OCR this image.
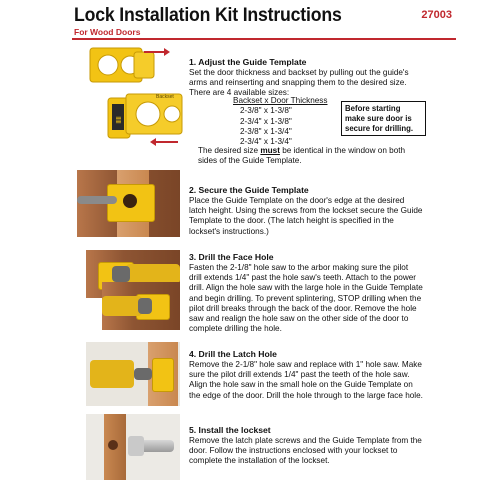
Lock Installation Kit Instructions	27003
For Wood Doors
|||||
Backset
1. Adjust the Guide Template

Set the door thickness and backset by pulling out the guide's arms and reinserting and snapping them to the desired size. There are 4 available sizes:

Backset x Door Thickness
2-3/8" x 1-3/8"
2-3/4" x 1-3/8"
2-3/8" x 1-3/4"
2-3/4" x 1-3/4"
Before starting make sure door is secure for drilling.
The desired size must be identical in the window on both sides of the Guide Template.
2. Secure the Guide Template

Place the Guide Template on the door's edge at the desired latch height. Using the screws from the lockset secure the Guide Template to the door. (The latch height is specified in the lockset's instructions.)

3. Drill the Face Hole

Fasten the 2-1/8" hole saw to the arbor making sure the pilot drill extends 1/4" past the hole saw's teeth. Attach to the power drill. Align the hole saw with the large hole in the Guide Template and begin drilling. To prevent splintering, STOP drilling when the pilot drill breaks through the back of the door. Remove the hole saw and realign the hole saw on the other side of the door to complete drilling the hole.

4. Drill the Latch Hole

Remove the 2-1/8" hole saw and replace with 1" hole saw. Make sure the pilot drill extends 1/4" past the teeth of the hole saw. Align the hole saw in the small hole on the Guide Template on the edge of the door. Drill the hole through to the large face hole.

5. Install the lockset

Remove the latch plate screws and the Guide Template from the door. Follow the instructions enclosed with your lockset to complete the installation of the lockset.
